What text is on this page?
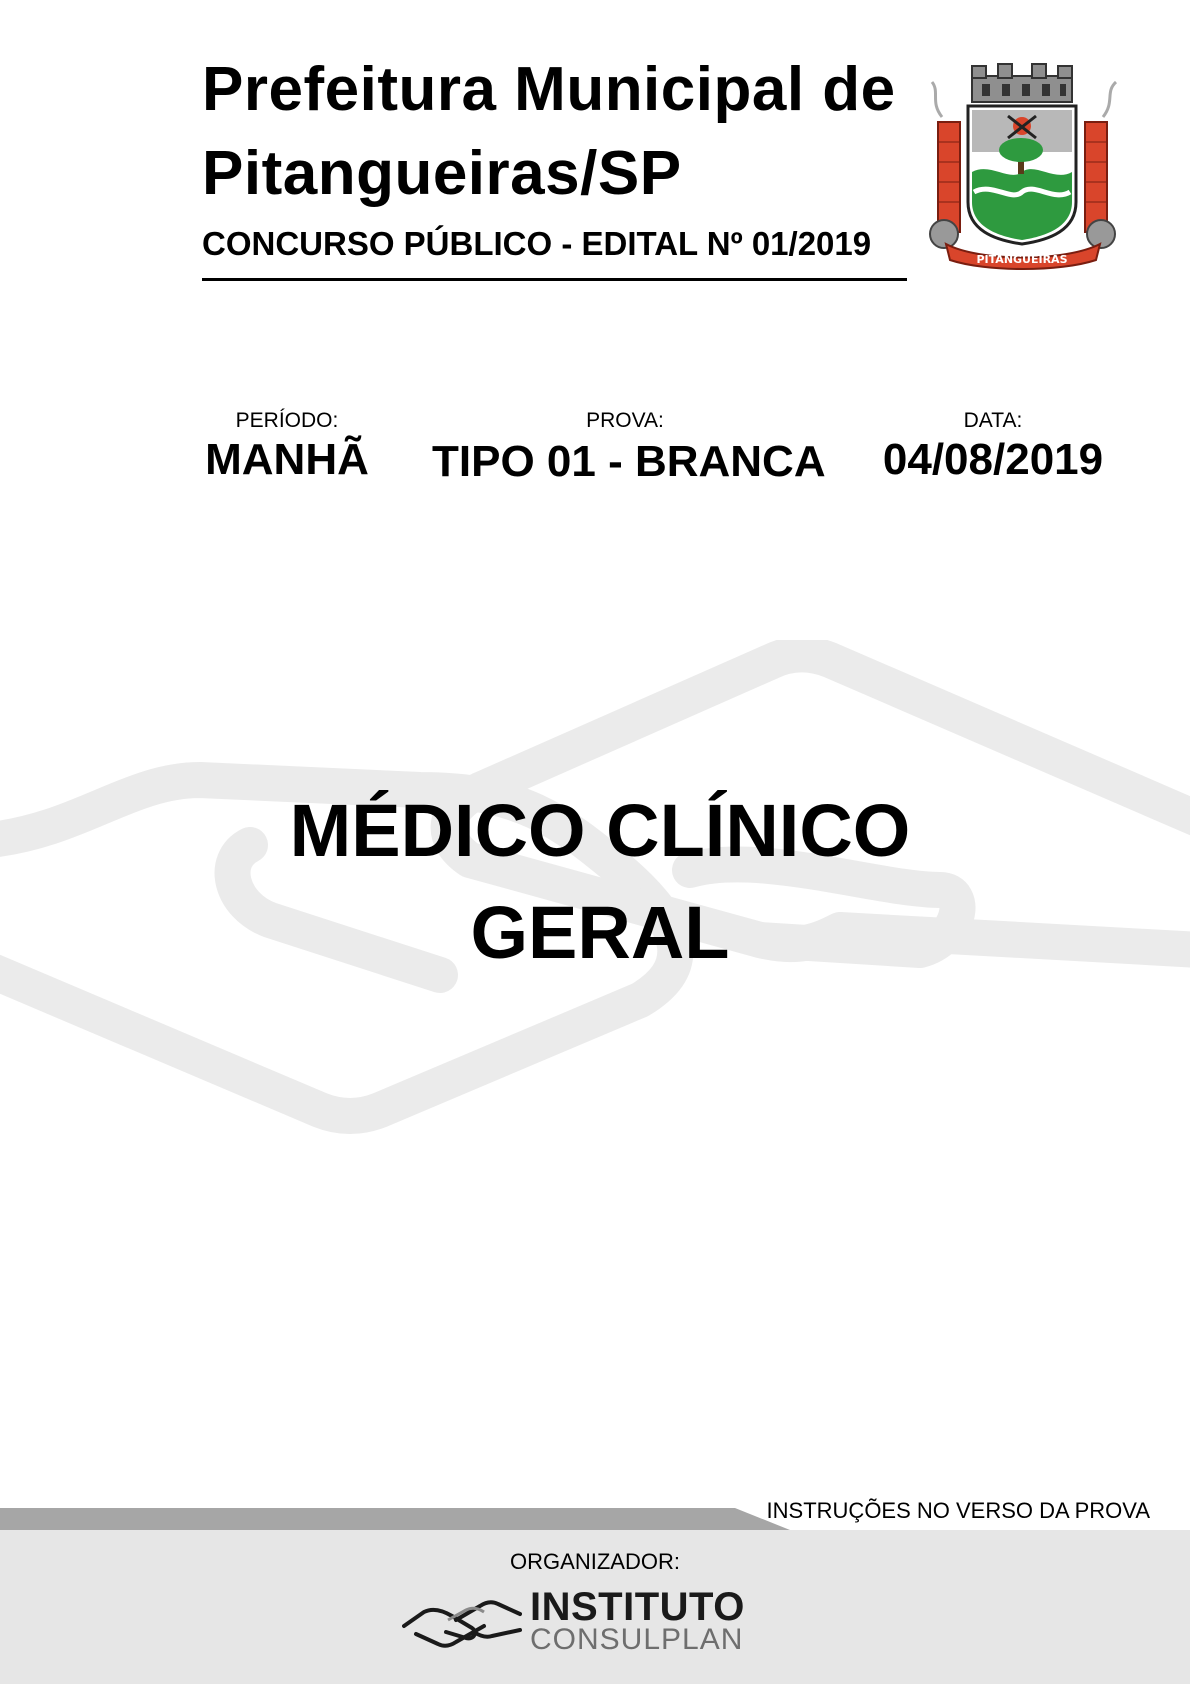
Prefeitura Municipal de
Pitangueiras/SP
CONCURSO PÚBLICO - EDITAL Nº 01/2019	PITANGUEIRAS
PERÍODO:
MANHÃ
PROVA:
TIPO 01 - BRANCA
DATA:
04/08/2019
MÉDICO CLÍNICO
GERAL
INSTRUÇÕES NO VERSO DA PROVA
ORGANIZADOR:
INSTITUTO
CONSULPLAN
